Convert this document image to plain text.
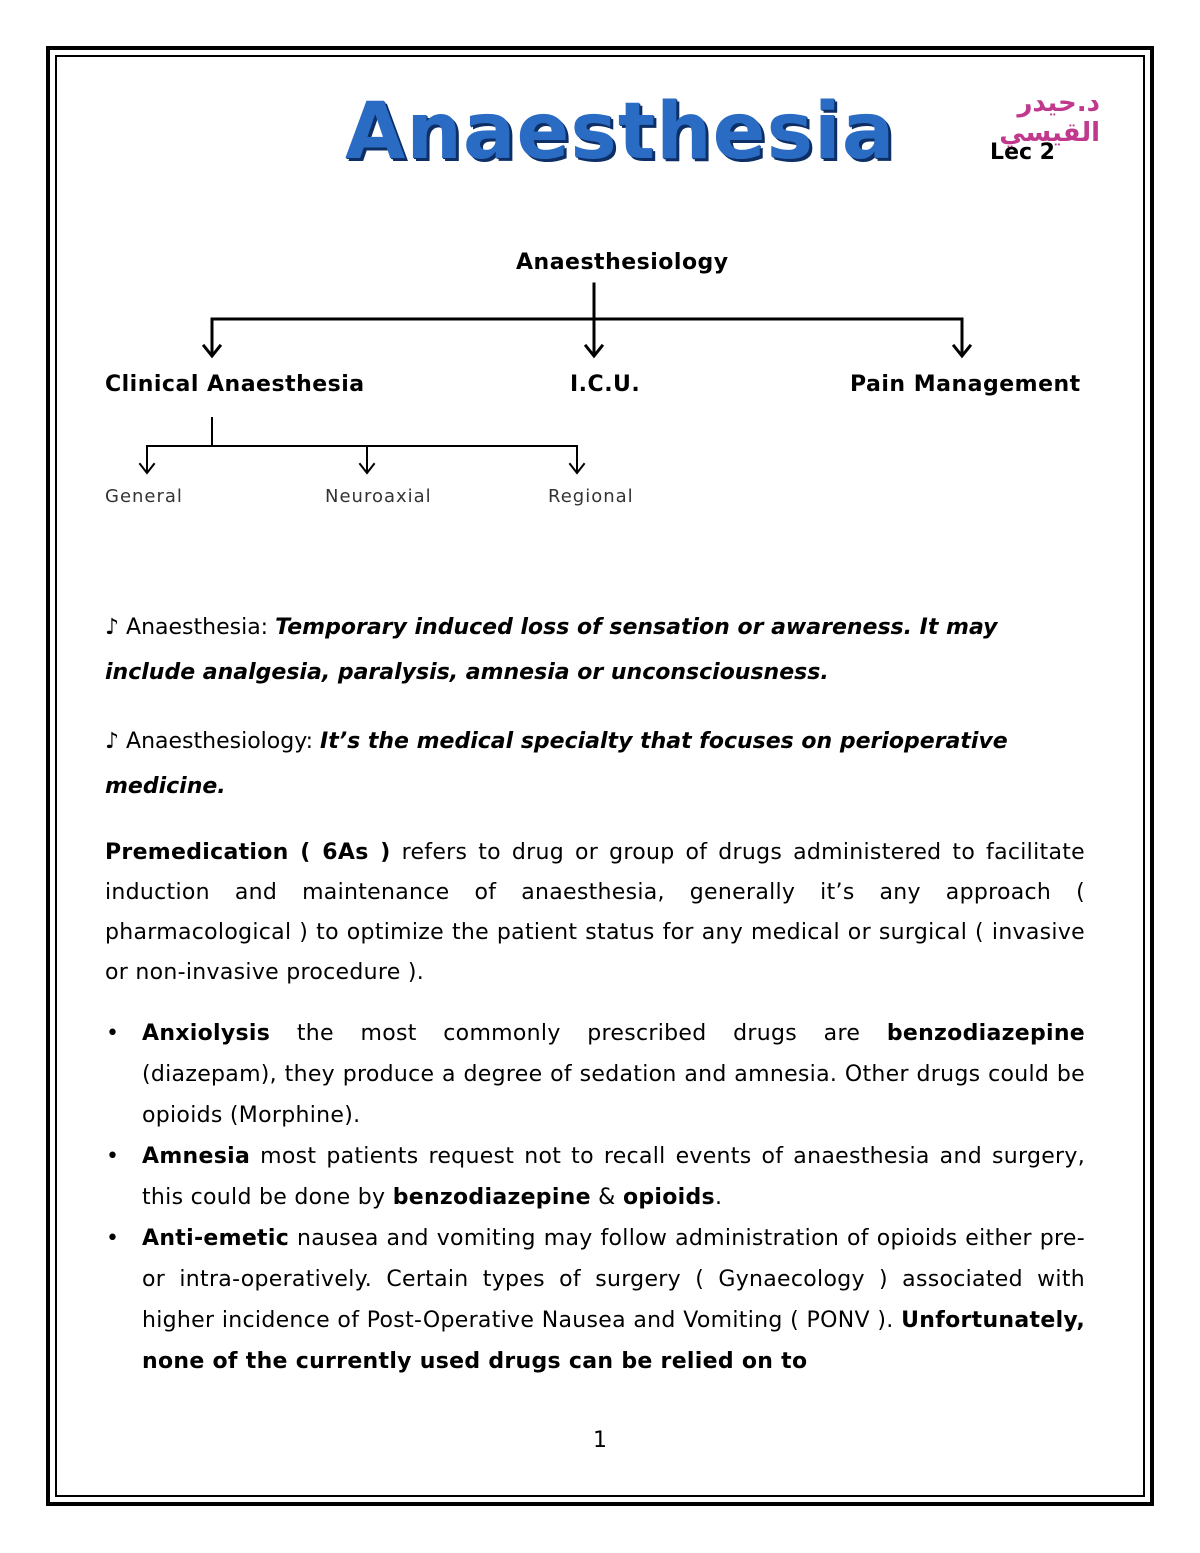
Anaesthesia	د.حيدر القيسي
Lec 2
Anaesthesiology
Clinical Anaesthesia	I.C.U.	Pain Management
General	Neuroaxial	Regional

♪ Anaesthesia: Temporary induced loss of sensation or awareness. It may include analgesia, paralysis, amnesia or unconsciousness.

♪ Anaesthesiology: It’s the medical specialty that focuses on perioperative medicine.

Premedication ( 6As ) refers to drug or group of drugs administered to facilitate induction and maintenance of anaesthesia, generally it’s any approach ( pharmacological ) to optimize the patient status for any medical or surgical ( invasive or non-invasive procedure ).

• Anxiolysis the most commonly prescribed drugs are benzodiazepine (diazepam), they produce a degree of sedation and amnesia. Other drugs could be opioids (Morphine).
• Amnesia most patients request not to recall events of anaesthesia and surgery, this could be done by benzodiazepine & opioids.
• Anti-emetic nausea and vomiting may follow administration of opioids either pre- or intra-operatively. Certain types of surgery ( Gynaecology ) associated with higher incidence of Post-Operative Nausea and Vomiting ( PONV ). Unfortunately, none of the currently used drugs can be relied on to
1
